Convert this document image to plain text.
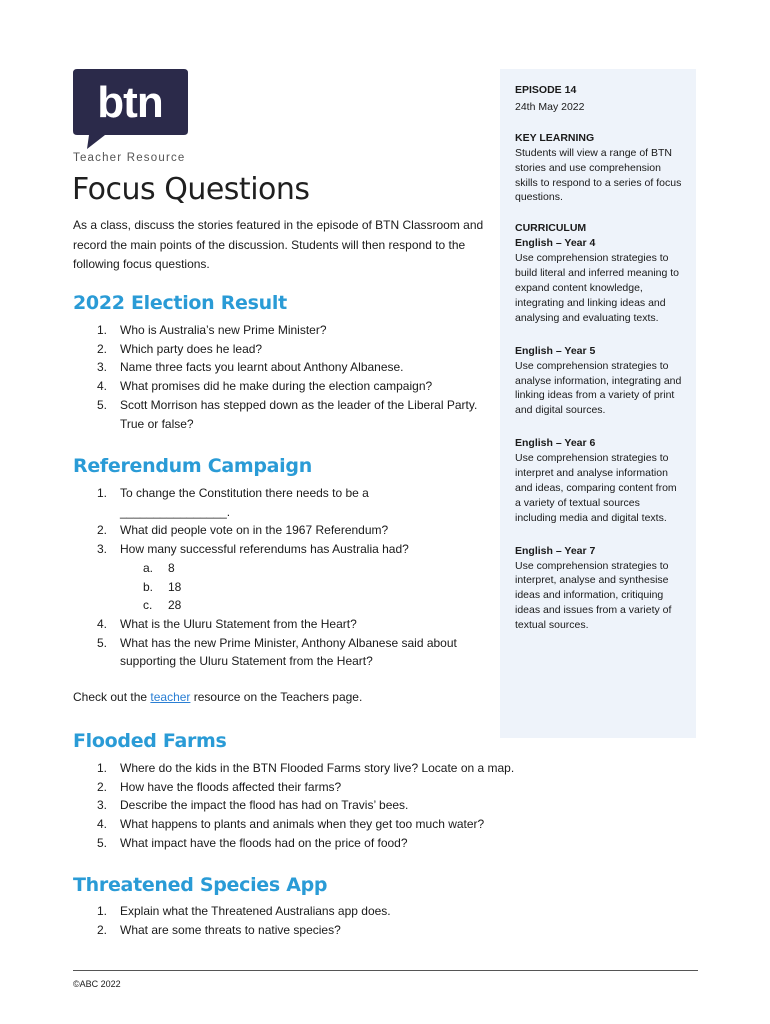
btn
Teacher Resource
Focus Questions

As a class, discuss the stories featured in the episode of BTN Classroom and record the main points of the discussion. Students will then respond to the following focus questions.

2022 Election Result
1. Who is Australia’s new Prime Minister?
2. Which party does he lead?
3. Name three facts you learnt about Anthony Albanese.
4. What promises did he make during the election campaign?
5. Scott Morrison has stepped down as the leader of the Liberal Party. True or false?
Referendum Campaign
1. To change the Constitution there needs to be a
________________.
2. What did people vote on in the 1967 Referendum?
3. How many successful referendums has Australia had?
a. 8
b. 18
c. 28
4. What is the Uluru Statement from the Heart?
5. What has the new Prime Minister, Anthony Albanese said about supporting the Uluru Statement from the Heart?
Check out the teacher resource on the Teachers page.
EPISODE 14
24th May 2022
KEY LEARNING
Students will view a range of BTN stories and use comprehension skills to respond to a series of focus questions.
CURRICULUM
English – Year 4
Use comprehension strategies to build literal and inferred meaning to expand content knowledge, integrating and linking ideas and analysing and evaluating texts.
English – Year 5
Use comprehension strategies to analyse information, integrating and linking ideas from a variety of print and digital sources.
English – Year 6
Use comprehension strategies to interpret and analyse information and ideas, comparing content from a variety of textual sources including media and digital texts.
English – Year 7
Use comprehension strategies to interpret, analyse and synthesise ideas and information, critiquing ideas and issues from a variety of textual sources.
Flooded Farms
1. Where do the kids in the BTN Flooded Farms story live? Locate on a map.
2. How have the floods affected their farms?
3. Describe the impact the flood has had on Travis’ bees.
4. What happens to plants and animals when they get too much water?
5. What impact have the floods had on the price of food?
Threatened Species App
1. Explain what the Threatened Australians app does.
2. What are some threats to native species?
©ABC 2022
